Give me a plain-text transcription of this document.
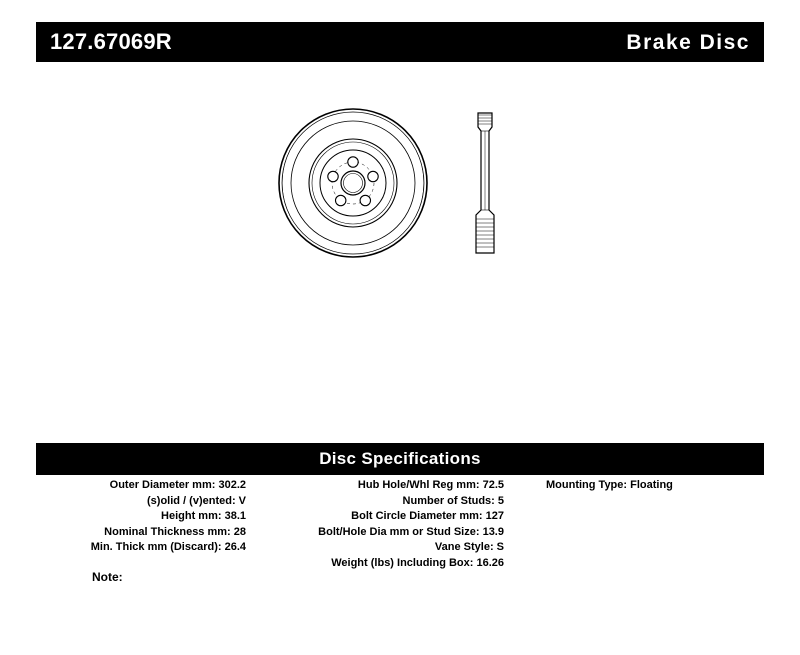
127.67069R	Brake Disc
Disc Specifications
Outer Diameter mm: 302.2
(s)olid / (v)ented: V
Height mm: 38.1
Nominal Thickness mm: 28
Min. Thick mm (Discard): 26.4
Hub Hole/Whl Reg mm: 72.5
Number of Studs: 5
Bolt Circle Diameter mm: 127
Bolt/Hole Dia mm or Stud Size: 13.9
Vane Style: S
Weight (lbs) Including Box: 16.26
Mounting Type: Floating
Note:
